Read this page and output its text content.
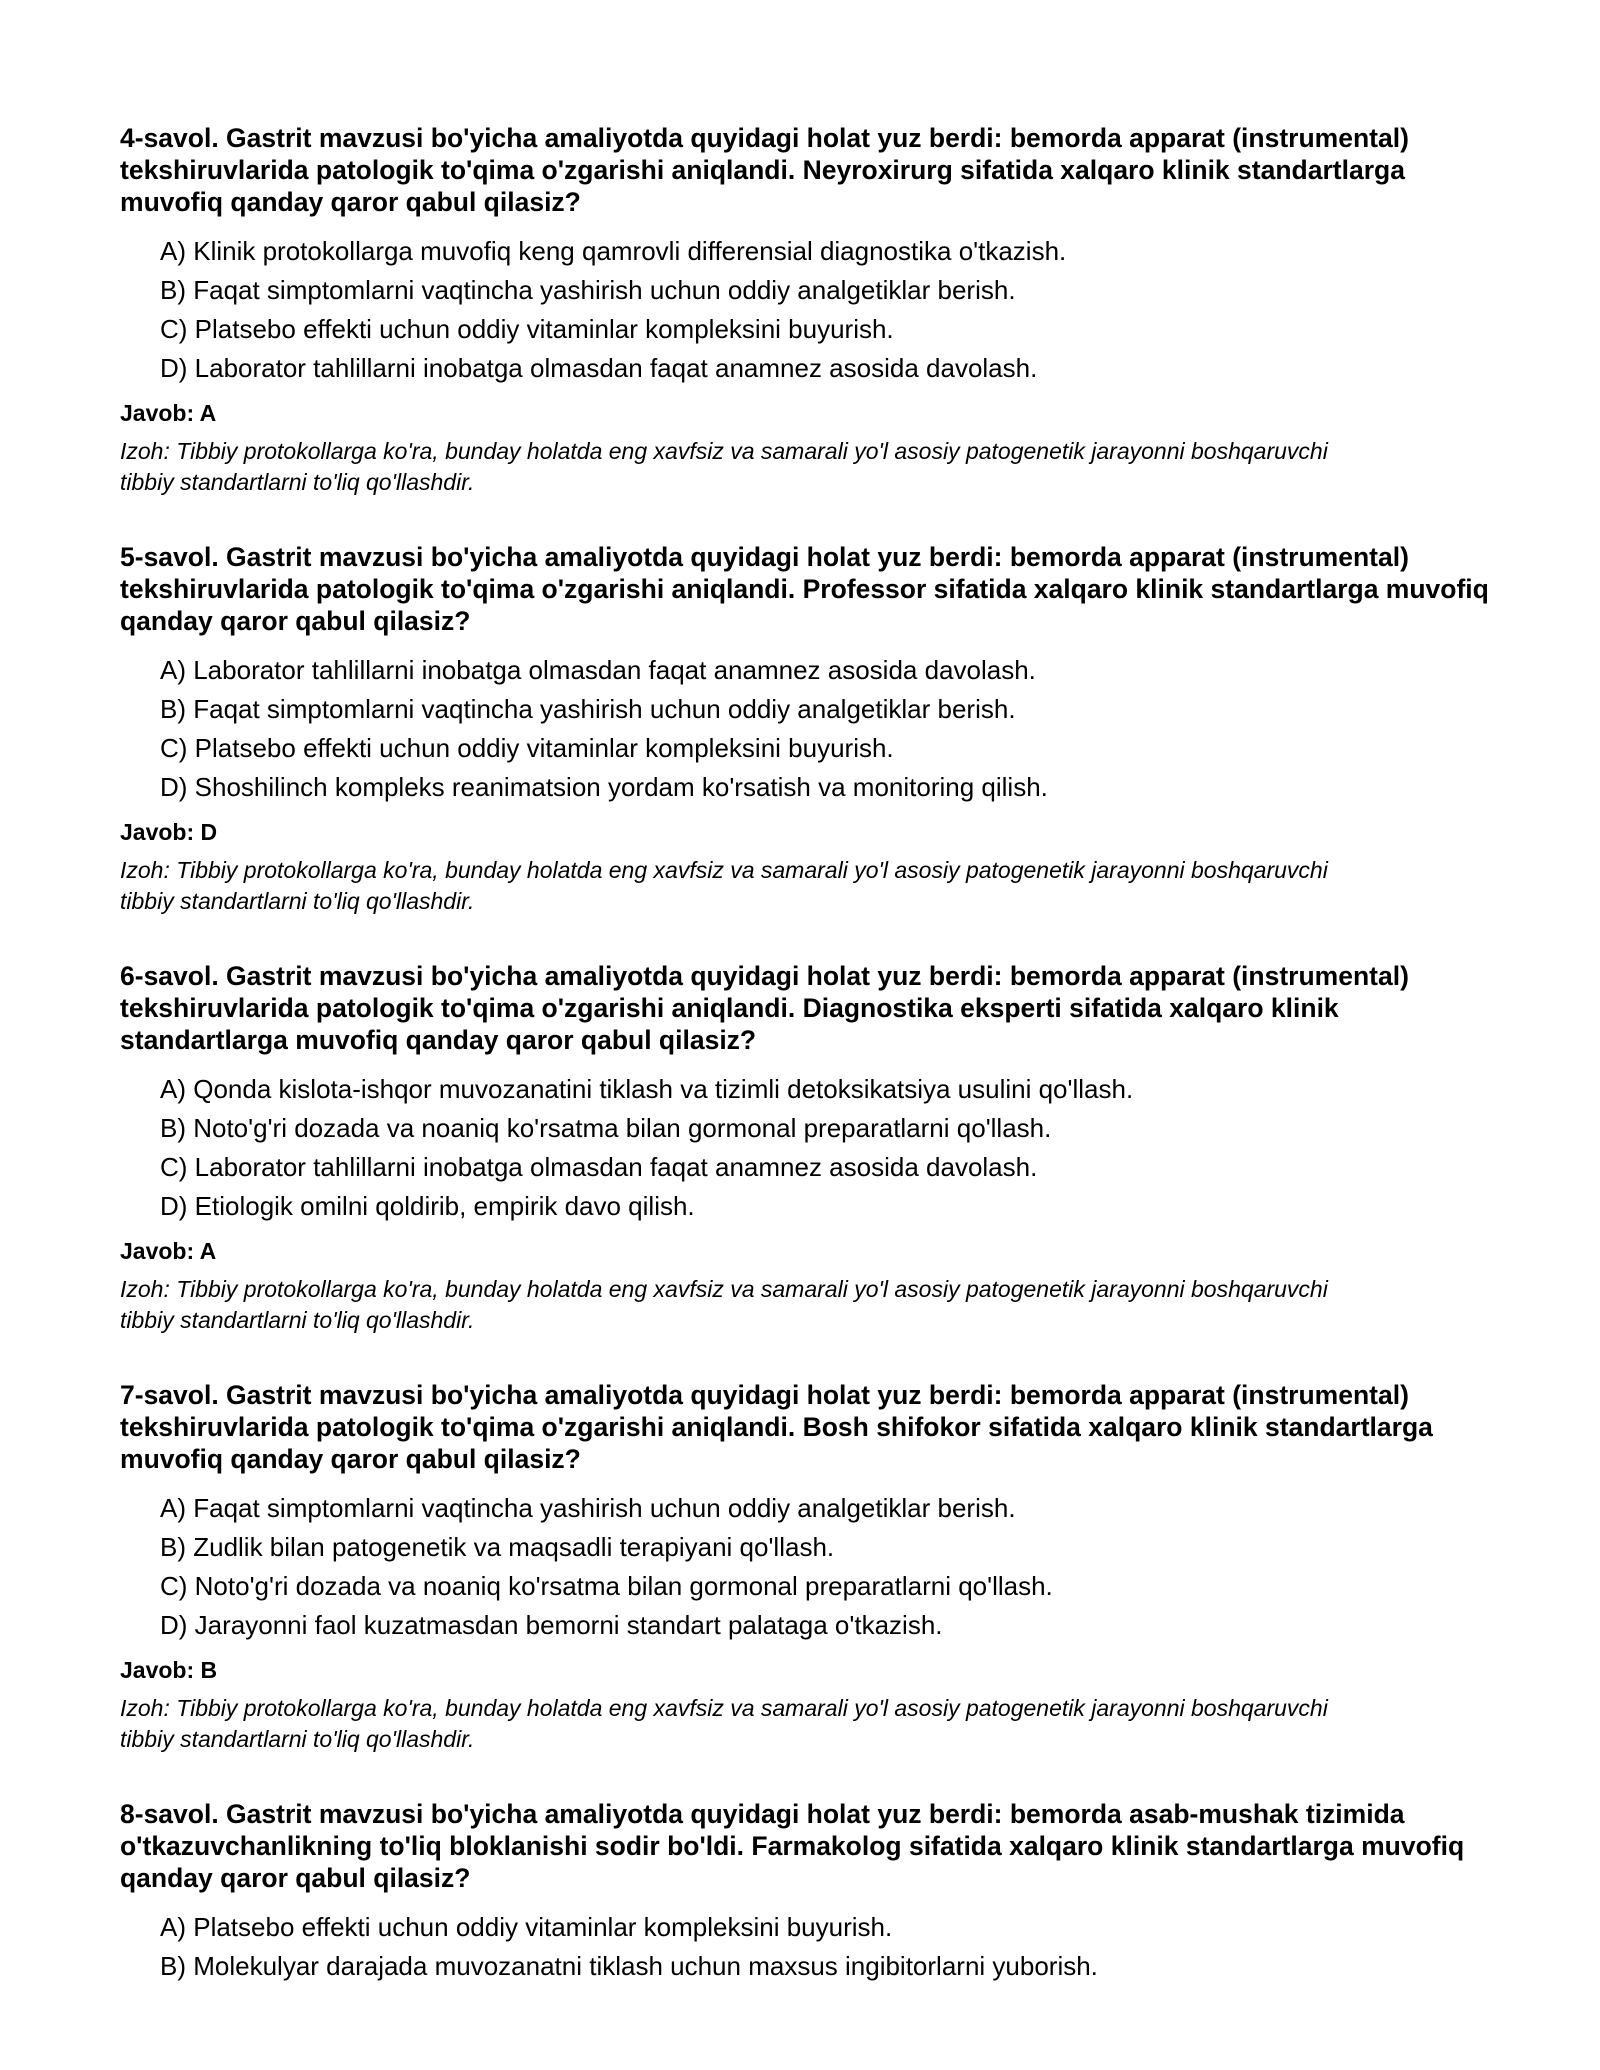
4-savol. Gastrit mavzusi bo'yicha amaliyotda quyidagi holat yuz berdi: bemorda apparat (instrumental) tekshiruvlarida patologik to'qima o'zgarishi aniqlandi. Neyroxirurg sifatida xalqaro klinik standartlarga muvofiq qanday qaror qabul qilasiz?
A) Klinik protokollarga muvofiq keng qamrovli differensial diagnostika o'tkazish.
B) Faqat simptomlarni vaqtincha yashirish uchun oddiy analgetiklar berish.
C) Platsebo effekti uchun oddiy vitaminlar kompleksini buyurish.
D) Laborator tahlillarni inobatga olmasdan faqat anamnez asosida davolash.
Javob: A
Izoh: Tibbiy protokollarga ko'ra, bunday holatda eng xavfsiz va samarali yo'l asosiy patogenetik jarayonni boshqaruvchi tibbiy standartlarni to'liq qo'llashdir.
5-savol. Gastrit mavzusi bo'yicha amaliyotda quyidagi holat yuz berdi: bemorda apparat (instrumental) tekshiruvlarida patologik to'qima o'zgarishi aniqlandi. Professor sifatida xalqaro klinik standartlarga muvofiq qanday qaror qabul qilasiz?
A) Laborator tahlillarni inobatga olmasdan faqat anamnez asosida davolash.
B) Faqat simptomlarni vaqtincha yashirish uchun oddiy analgetiklar berish.
C) Platsebo effekti uchun oddiy vitaminlar kompleksini buyurish.
D) Shoshilinch kompleks reanimatsion yordam ko'rsatish va monitoring qilish.
Javob: D
Izoh: Tibbiy protokollarga ko'ra, bunday holatda eng xavfsiz va samarali yo'l asosiy patogenetik jarayonni boshqaruvchi tibbiy standartlarni to'liq qo'llashdir.
6-savol. Gastrit mavzusi bo'yicha amaliyotda quyidagi holat yuz berdi: bemorda apparat (instrumental) tekshiruvlarida patologik to'qima o'zgarishi aniqlandi. Diagnostika eksperti sifatida xalqaro klinik standartlarga muvofiq qanday qaror qabul qilasiz?
A) Qonda kislota-ishqor muvozanatini tiklash va tizimli detoksikatsiya usulini qo'llash.
B) Noto'g'ri dozada va noaniq ko'rsatma bilan gormonal preparatlarni qo'llash.
C) Laborator tahlillarni inobatga olmasdan faqat anamnez asosida davolash.
D) Etiologik omilni qoldirib, empirik davo qilish.
Javob: A
Izoh: Tibbiy protokollarga ko'ra, bunday holatda eng xavfsiz va samarali yo'l asosiy patogenetik jarayonni boshqaruvchi tibbiy standartlarni to'liq qo'llashdir.
7-savol. Gastrit mavzusi bo'yicha amaliyotda quyidagi holat yuz berdi: bemorda apparat (instrumental) tekshiruvlarida patologik to'qima o'zgarishi aniqlandi. Bosh shifokor sifatida xalqaro klinik standartlarga muvofiq qanday qaror qabul qilasiz?
A) Faqat simptomlarni vaqtincha yashirish uchun oddiy analgetiklar berish.
B) Zudlik bilan patogenetik va maqsadli terapiyani qo'llash.
C) Noto'g'ri dozada va noaniq ko'rsatma bilan gormonal preparatlarni qo'llash.
D) Jarayonni faol kuzatmasdan bemorni standart palataga o'tkazish.
Javob: B
Izoh: Tibbiy protokollarga ko'ra, bunday holatda eng xavfsiz va samarali yo'l asosiy patogenetik jarayonni boshqaruvchi tibbiy standartlarni to'liq qo'llashdir.
8-savol. Gastrit mavzusi bo'yicha amaliyotda quyidagi holat yuz berdi: bemorda asab-mushak tizimida o'tkazuvchanlikning to'liq bloklanishi sodir bo'ldi. Farmakolog sifatida xalqaro klinik standartlarga muvofiq qanday qaror qabul qilasiz?
A) Platsebo effekti uchun oddiy vitaminlar kompleksini buyurish.
B) Molekulyar darajada muvozanatni tiklash uchun maxsus ingibitorlarni yuborish.
